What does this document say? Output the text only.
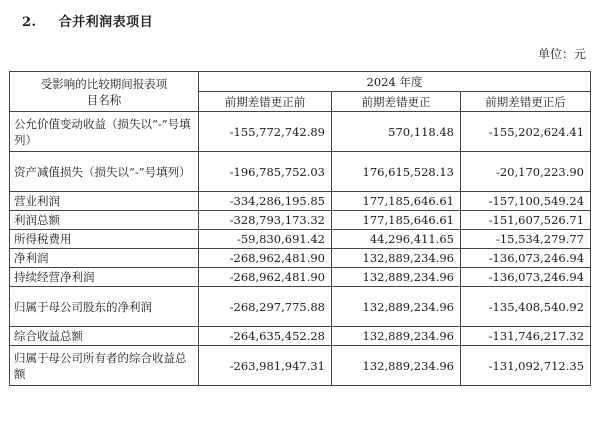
2. 合并利润表项目
单位：元
受影响的比较期间报表项
目名称	2024 年度		
	前期差错更正前	前期差错更正	前期差错更正后
公允价值变动收益（损失以“-”号填列）	-155,772,742.89	570,118.48	-155,202,624.41
资产减值损失（损失以“-”号填列）	-196,785,752.03	176,615,528.13	-20,170,223.90
营业利润	-334,286,195.85	177,185,646.61	-157,100,549.24
利润总额	-328,793,173.32	177,185,646.61	-151,607,526.71
所得税费用	-59,830,691.42	44,296,411.65	-15,534,279.77
净利润	-268,962,481.90	132,889,234.96	-136,073,246.94
持续经营净利润	-268,962,481.90	132,889,234.96	-136,073,246.94
归属于母公司股东的净利润	-268,297,775.88	132,889,234.96	-135,408,540.92
综合收益总额	-264,635,452.28	132,889,234.96	-131,746,217.32
归属于母公司所有者的综合收益总额	-263,981,947.31	132,889,234.96	-131,092,712.35
